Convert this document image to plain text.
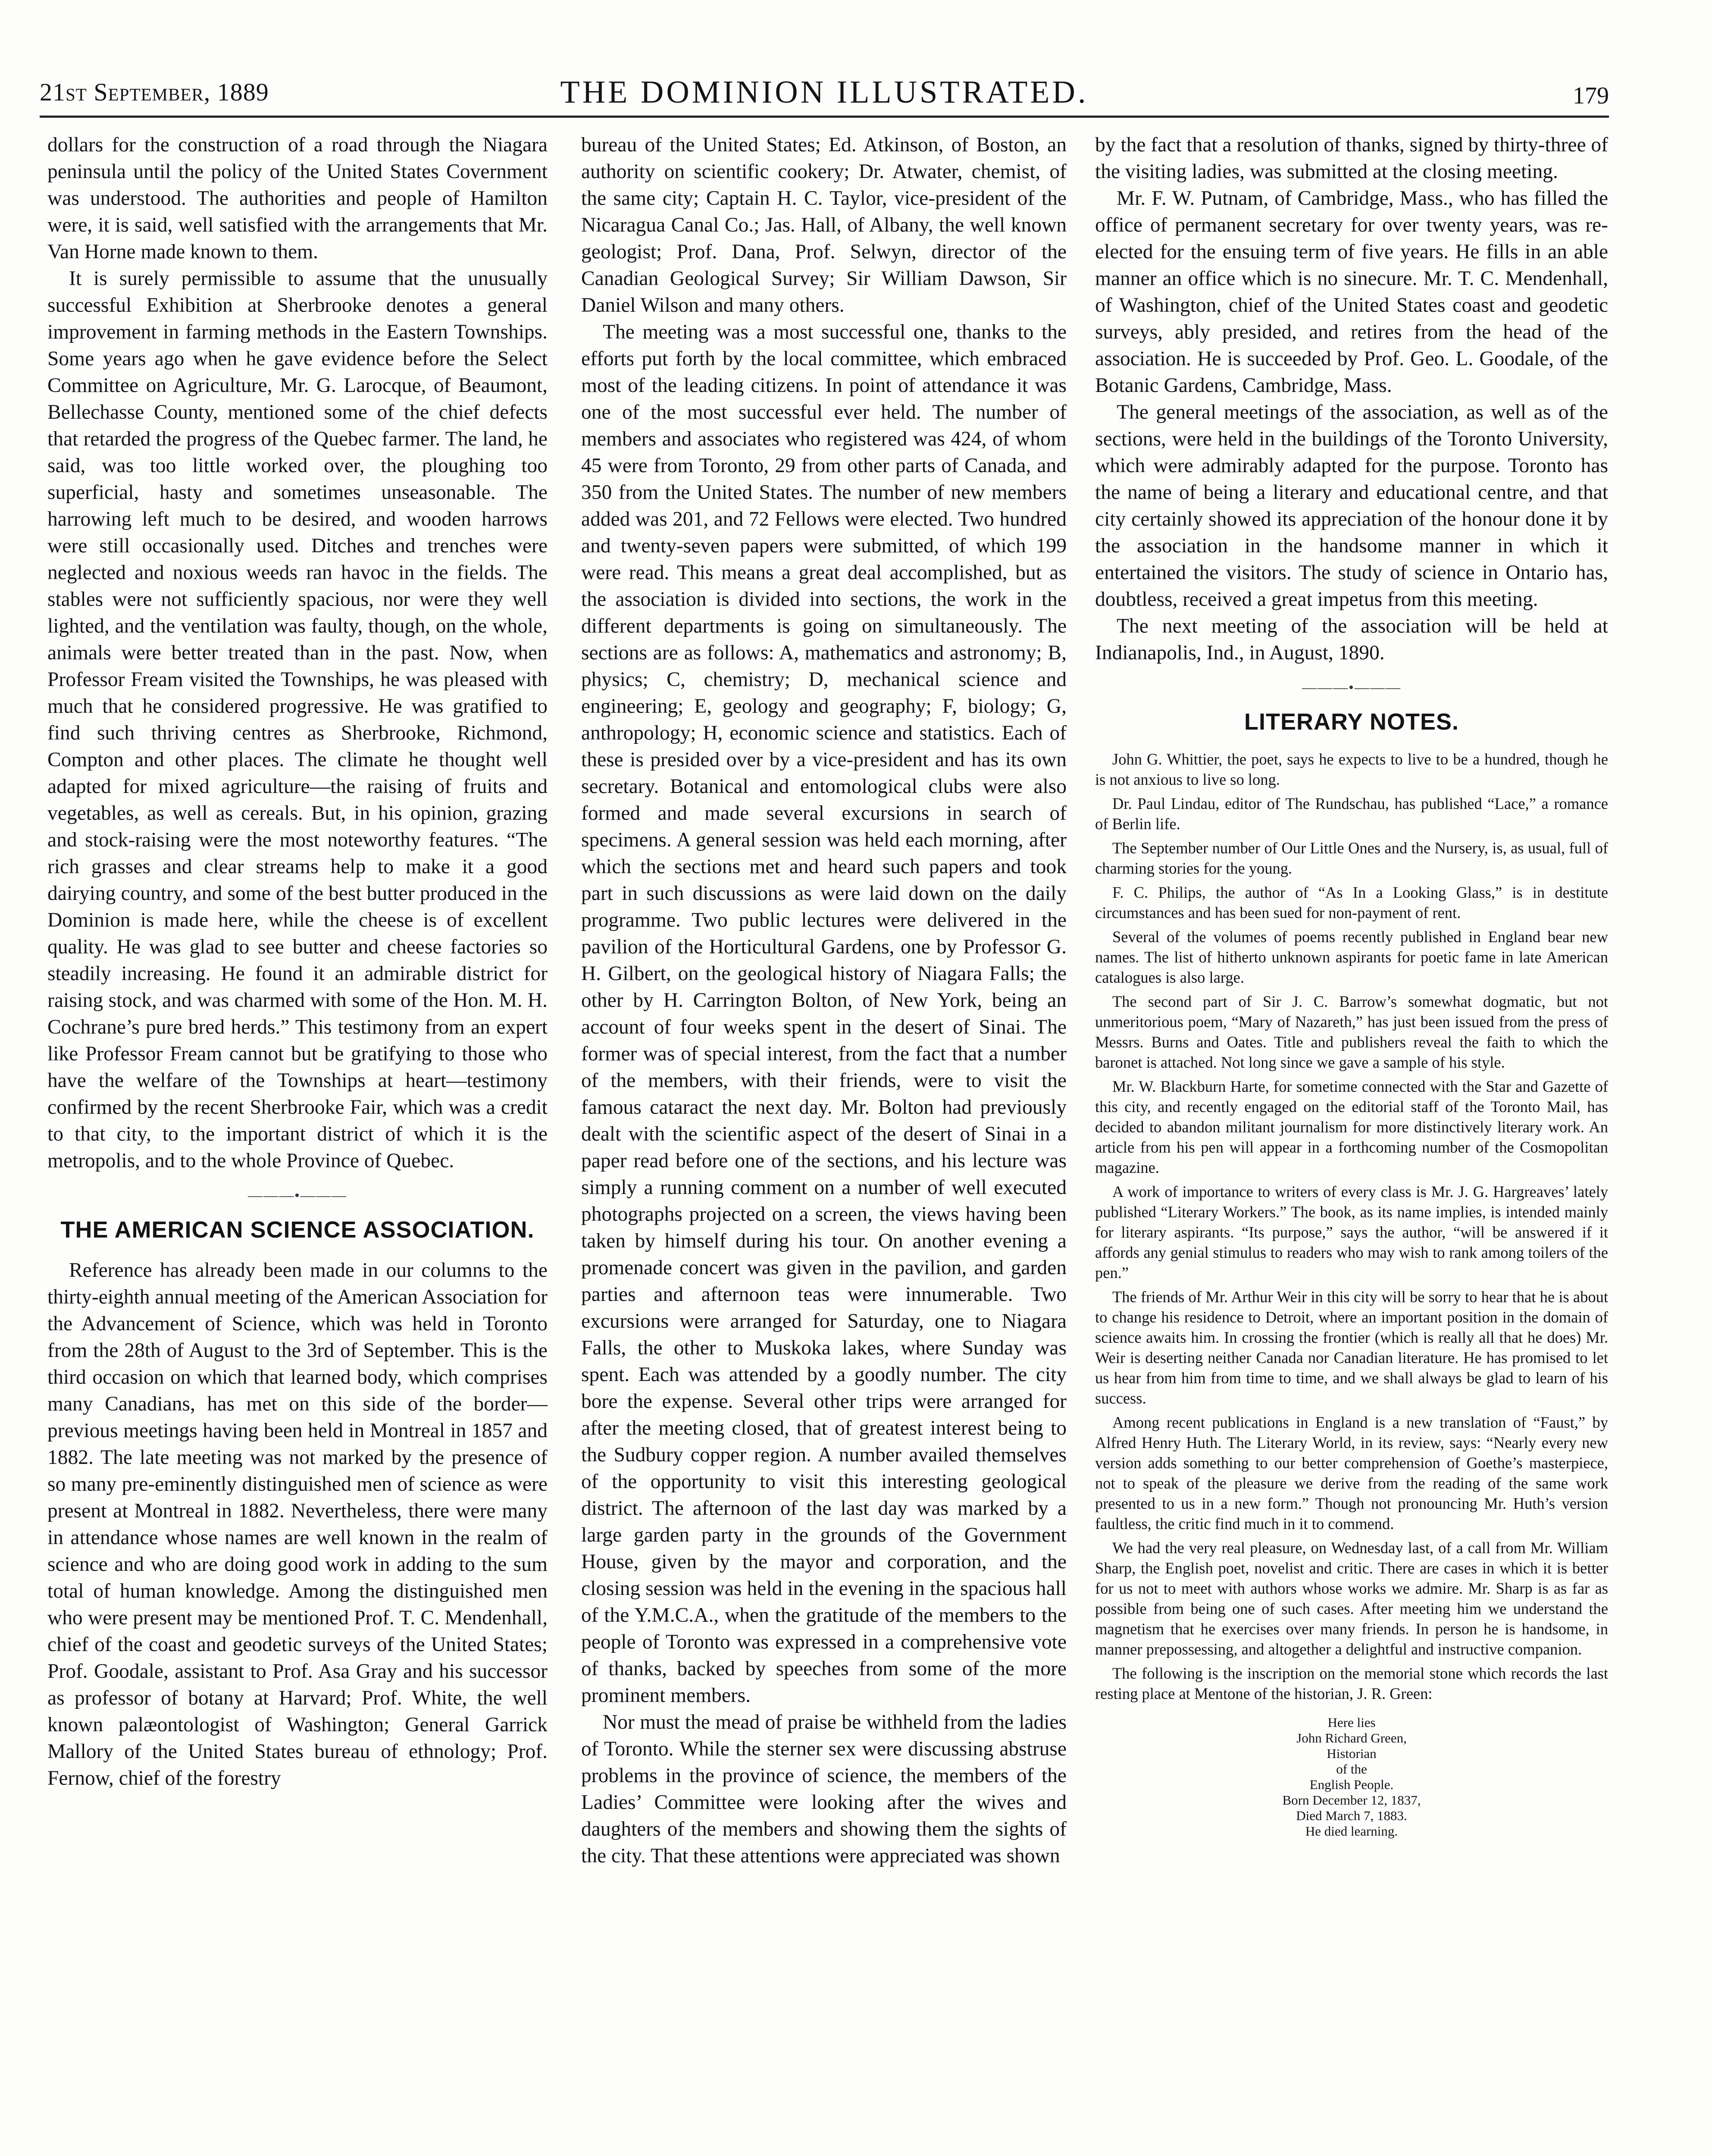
21st September, 1889	THE DOMINION ILLUSTRATED.	179

dollars for the construction of a road through the Niagara peninsula until the policy of the United States Covernment was understood. The authorities and people of Hamilton were, it is said, well satisfied with the arrangements that Mr. Van Horne made known to them.

It is surely permissible to assume that the unusually successful Exhibition at Sherbrooke denotes a general improvement in farming methods in the Eastern Townships. Some years ago when he gave evidence before the Select Committee on Agriculture, Mr. G. Larocque, of Beaumont, Bellechasse County, mentioned some of the chief defects that retarded the progress of the Quebec farmer. The land, he said, was too little worked over, the ploughing too superficial, hasty and sometimes unseasonable. The harrowing left much to be desired, and wooden harrows were still occasionally used. Ditches and trenches were neglected and noxious weeds ran havoc in the fields. The stables were not sufficiently spacious, nor were they well lighted, and the ventilation was faulty, though, on the whole, animals were better treated than in the past. Now, when Professor Fream visited the Townships, he was pleased with much that he considered progressive. He was gratified to find such thriving centres as Sherbrooke, Richmond, Compton and other places. The climate he thought well adapted for mixed agriculture—the raising of fruits and vegetables, as well as cereals. But, in his opinion, grazing and stock-raising were the most noteworthy features. “The rich grasses and clear streams help to make it a good dairying country, and some of the best butter produced in the Dominion is made here, while the cheese is of excellent quality. He was glad to see butter and cheese factories so steadily increasing. He found it an admirable district for raising stock, and was charmed with some of the Hon. M. H. Cochrane’s pure bred herds.” This testimony from an expert like Professor Fream cannot but be gratifying to those who have the welfare of the Townships at heart—testimony confirmed by the recent Sherbrooke Fair, which was a credit to that city, to the important district of which it is the metropolis, and to the whole Province of Quebec.

———•———
THE AMERICAN SCIENCE ASSOCIATION.

Reference has already been made in our columns to the thirty-eighth annual meeting of the American Association for the Advancement of Science, which was held in Toronto from the 28th of August to the 3rd of September. This is the third occasion on which that learned body, which comprises many Canadians, has met on this side of the border—previous meetings having been held in Montreal in 1857 and 1882. The late meeting was not marked by the presence of so many pre-eminently distinguished men of science as were present at Montreal in 1882. Nevertheless, there were many in attendance whose names are well known in the realm of science and who are doing good work in adding to the sum total of human knowledge. Among the distinguished men who were present may be mentioned Prof. T. C. Mendenhall, chief of the coast and geodetic surveys of the United States; Prof. Goodale, assistant to Prof. Asa Gray and his successor as professor of botany at Harvard; Prof. White, the well known palæontologist of Washington; General Garrick Mallory of the United States bureau of ethnology; Prof. Fernow, chief of the forestry

bureau of the United States; Ed. Atkinson, of Boston, an authority on scientific cookery; Dr. Atwater, chemist, of the same city; Captain H. C. Taylor, vice-president of the Nicaragua Canal Co.; Jas. Hall, of Albany, the well known geologist; Prof. Dana, Prof. Selwyn, director of the Canadian Geological Survey; Sir William Dawson, Sir Daniel Wilson and many others.

The meeting was a most successful one, thanks to the efforts put forth by the local committee, which embraced most of the leading citizens. In point of attendance it was one of the most successful ever held. The number of members and associates who registered was 424, of whom 45 were from Toronto, 29 from other parts of Canada, and 350 from the United States. The number of new members added was 201, and 72 Fellows were elected. Two hundred and twenty-seven papers were submitted, of which 199 were read. This means a great deal accomplished, but as the association is divided into sections, the work in the different departments is going on simultaneously. The sections are as follows: A, mathematics and astronomy; B, physics; C, chemistry; D, mechanical science and engineering; E, geology and geography; F, biology; G, anthropology; H, economic science and statistics. Each of these is presided over by a vice-president and has its own secretary. Botanical and entomological clubs were also formed and made several excursions in search of specimens. A general session was held each morning, after which the sections met and heard such papers and took part in such discussions as were laid down on the daily programme. Two public lectures were delivered in the pavilion of the Horticultural Gardens, one by Professor G. H. Gilbert, on the geological history of Niagara Falls; the other by H. Carrington Bolton, of New York, being an account of four weeks spent in the desert of Sinai. The former was of special interest, from the fact that a number of the members, with their friends, were to visit the famous cataract the next day. Mr. Bolton had previously dealt with the scientific aspect of the desert of Sinai in a paper read before one of the sections, and his lecture was simply a running comment on a number of well executed photographs projected on a screen, the views having been taken by himself during his tour. On another evening a promenade concert was given in the pavilion, and garden parties and afternoon teas were innumerable. Two excursions were arranged for Saturday, one to Niagara Falls, the other to Muskoka lakes, where Sunday was spent. Each was attended by a goodly number. The city bore the expense. Several other trips were arranged for after the meeting closed, that of greatest interest being to the Sudbury copper region. A number availed themselves of the opportunity to visit this interesting geological district. The afternoon of the last day was marked by a large garden party in the grounds of the Government House, given by the mayor and corporation, and the closing session was held in the evening in the spacious hall of the Y.M.C.A., when the gratitude of the members to the people of Toronto was expressed in a comprehensive vote of thanks, backed by speeches from some of the more prominent members.

Nor must the mead of praise be withheld from the ladies of Toronto. While the sterner sex were discussing abstruse problems in the province of science, the members of the Ladies’ Committee were looking after the wives and daughters of the members and showing them the sights of the city. That these attentions were appreciated was shown

by the fact that a resolution of thanks, signed by thirty-three of the visiting ladies, was submitted at the closing meeting.

Mr. F. W. Putnam, of Cambridge, Mass., who has filled the office of permanent secretary for over twenty years, was re-elected for the ensuing term of five years. He fills in an able manner an office which is no sinecure. Mr. T. C. Mendenhall, of Washington, chief of the United States coast and geodetic surveys, ably presided, and retires from the head of the association. He is succeeded by Prof. Geo. L. Goodale, of the Botanic Gardens, Cambridge, Mass.

The general meetings of the association, as well as of the sections, were held in the buildings of the Toronto University, which were admirably adapted for the purpose. Toronto has the name of being a literary and educational centre, and that city certainly showed its appreciation of the honour done it by the association in the handsome manner in which it entertained the visitors. The study of science in Ontario has, doubtless, received a great impetus from this meeting.

The next meeting of the association will be held at Indianapolis, Ind., in August, 1890.

———•———
LITERARY NOTES.

John G. Whittier, the poet, says he expects to live to be a hundred, though he is not anxious to live so long.

Dr. Paul Lindau, editor of The Rundschau, has published “Lace,” a romance of Berlin life.

The September number of Our Little Ones and the Nursery, is, as usual, full of charming stories for the young.

F. C. Philips, the author of “As In a Looking Glass,” is in destitute circumstances and has been sued for non-payment of rent.

Several of the volumes of poems recently published in England bear new names. The list of hitherto unknown aspirants for poetic fame in late American catalogues is also large.

The second part of Sir J. C. Barrow’s somewhat dogmatic, but not unmeritorious poem, “Mary of Nazareth,” has just been issued from the press of Messrs. Burns and Oates. Title and publishers reveal the faith to which the baronet is attached. Not long since we gave a sample of his style.

Mr. W. Blackburn Harte, for sometime connected with the Star and Gazette of this city, and recently engaged on the editorial staff of the Toronto Mail, has decided to abandon militant journalism for more distinctively literary work. An article from his pen will appear in a forthcoming number of the Cosmopolitan magazine.

A work of importance to writers of every class is Mr. J. G. Hargreaves’ lately published “Literary Workers.” The book, as its name implies, is intended mainly for literary aspirants. “Its purpose,” says the author, “will be answered if it affords any genial stimulus to readers who may wish to rank among toilers of the pen.”

The friends of Mr. Arthur Weir in this city will be sorry to hear that he is about to change his residence to Detroit, where an important position in the domain of science awaits him. In crossing the frontier (which is really all that he does) Mr. Weir is deserting neither Canada nor Canadian literature. He has promised to let us hear from him from time to time, and we shall always be glad to learn of his success.

Among recent publications in England is a new translation of “Faust,” by Alfred Henry Huth. The Literary World, in its review, says: “Nearly every new version adds something to our better comprehension of Goethe’s masterpiece, not to speak of the pleasure we derive from the reading of the same work presented to us in a new form.” Though not pronouncing Mr. Huth’s version faultless, the critic find much in it to commend.

We had the very real pleasure, on Wednesday last, of a call from Mr. William Sharp, the English poet, novelist and critic. There are cases in which it is better for us not to meet with authors whose works we admire. Mr. Sharp is as far as possible from being one of such cases. After meeting him we understand the magnetism that he exercises over many friends. In person he is handsome, in manner prepossessing, and altogether a delightful and instructive companion.

The following is the inscription on the memorial stone which records the last resting place at Mentone of the historian, J. R. Green:

Here lies
John Richard Green,
Historian
of the
English People.
Born December 12, 1837,
Died March 7, 1883.
He died learning.
